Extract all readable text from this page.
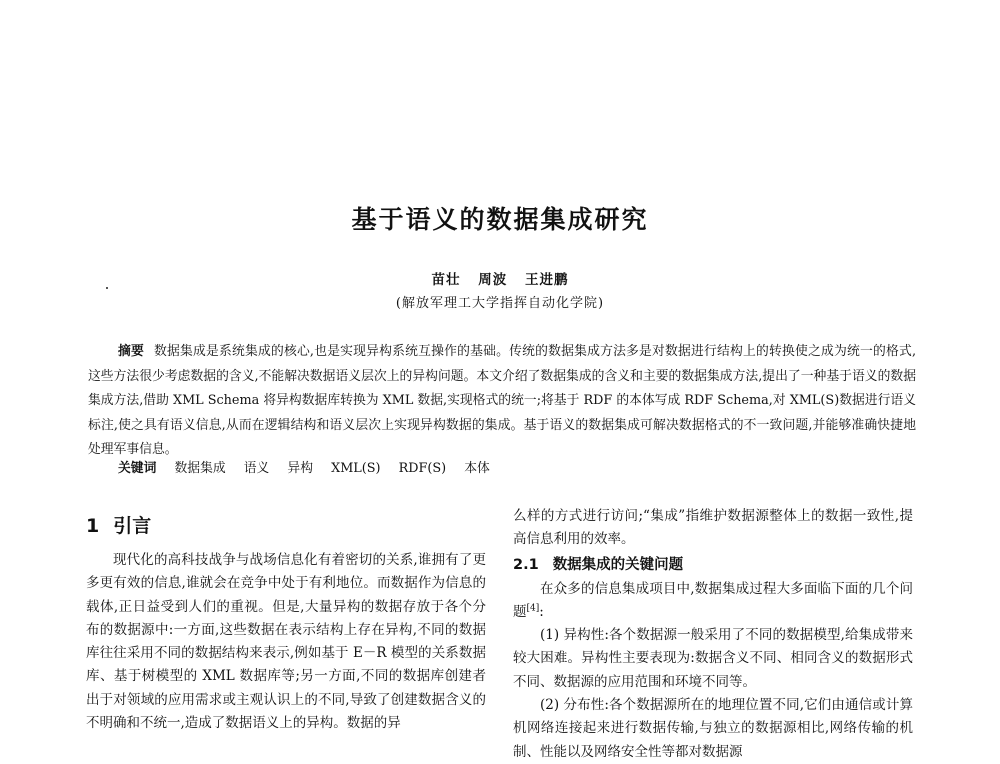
基于语义的数据集成研究
苗壮 周波 王进鹏
(解放军理工大学指挥自动化学院)
摘要 数据集成是系统集成的核心,也是实现异构系统互操作的基础。传统的数据集成方法多是对数据进行结构上的转换使之成为统一的格式,这些方法很少考虑数据的含义,不能解决数据语义层次上的异构问题。本文介绍了数据集成的含义和主要的数据集成方法,提出了一种基于语义的数据集成方法,借助 XML Schema 将异构数据库转换为 XML 数据,实现格式的统一;将基于 RDF 的本体写成 RDF Schema,对 XML(S)数据进行语义标注,使之具有语义信息,从而在逻辑结构和语义层次上实现异构数据的集成。基于语义的数据集成可解决数据格式的不一致问题,并能够准确快捷地处理军事信息。
关键词 数据集成 语义 异构 XML(S) RDF(S) 本体
1 引言

现代化的高科技战争与战场信息化有着密切的关系,谁拥有了更多更有效的信息,谁就会在竞争中处于有利地位。而数据作为信息的载体,正日益受到人们的重视。但是,大量异构的数据存放于各个分布的数据源中:一方面,这些数据在表示结构上存在异构,不同的数据库往往采用不同的数据结构来表示,例如基于 E－R 模型的关系数据库、基于树模型的 XML 数据库等;另一方面,不同的数据库创建者出于对领域的应用需求或主观认识上的不同,导致了创建数据含义的不明确和不统一,造成了数据语义上的异构。数据的异

么样的方式进行访问;“集成”指维护数据源整体上的数据一致性,提高信息利用的效率。

2.1 数据集成的关键问题

在众多的信息集成项目中,数据集成过程大多面临下面的几个问题[4]:

(1) 异构性:各个数据源一般采用了不同的数据模型,给集成带来较大困难。异构性主要表现为:数据含义不同、相同含义的数据形式不同、数据源的应用范围和环境不同等。

(2) 分布性:各个数据源所在的地理位置不同,它们由通信或计算机网络连接起来进行数据传输,与独立的数据源相比,网络传输的机制、性能以及网络安全性等都对数据源
